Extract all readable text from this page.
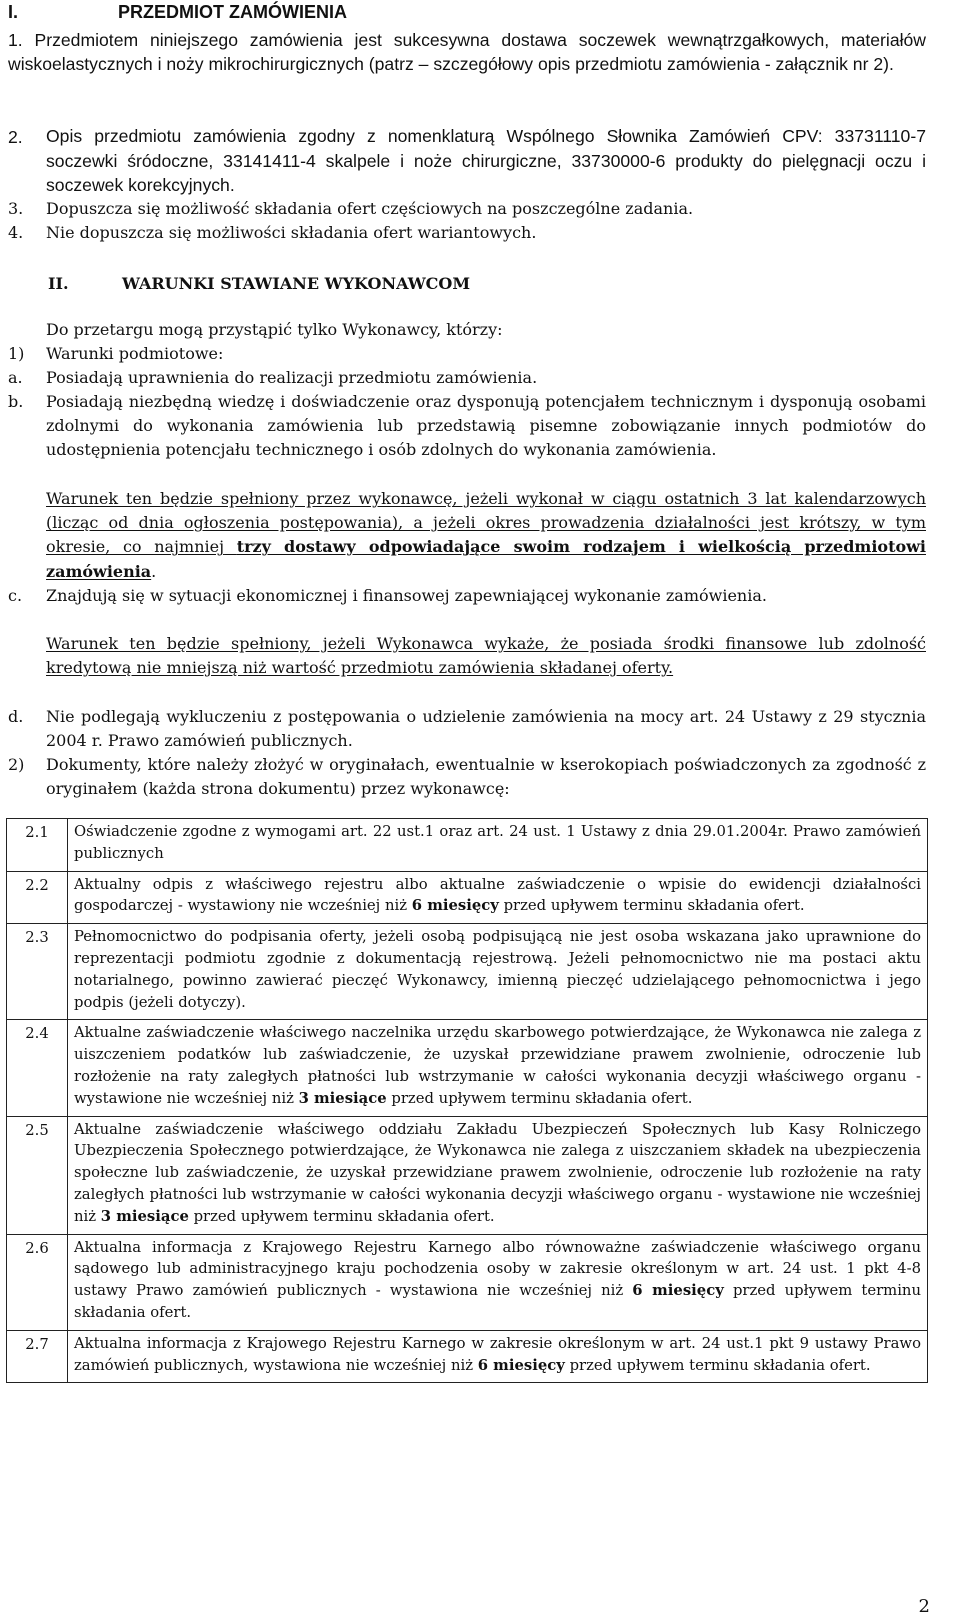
I.	PRZEDMIOT ZAMÓWIENIA
1. Przedmiotem niniejszego zamówienia jest sukcesywna dostawa soczewek wewnątrzgałkowych, materiałów wiskoelastycznych i noży mikrochirurgicznych (patrz – szczegółowy opis przedmiotu zamówienia - załącznik nr 2).
2. Opis przedmiotu zamówienia zgodny z nomenklaturą Wspólnego Słownika Zamówień CPV: 33731110-7 soczewki śródoczne, 33141411-4 skalpele i noże chirurgiczne, 33730000-6 produkty do pielęgnacji oczu i soczewek korekcyjnych.
3. Dopuszcza się możliwość składania ofert częściowych na poszczególne zadania.
4. Nie dopuszcza się możliwości składania ofert wariantowych.
II.	WARUNKI STAWIANE WYKONAWCOM
Do przetargu mogą przystąpić tylko Wykonawcy, którzy:
1) Warunki podmiotowe:
a. Posiadają uprawnienia do realizacji przedmiotu zamówienia.
b. Posiadają niezbędną wiedzę i doświadczenie oraz dysponują potencjałem technicznym i dysponują osobami zdolnymi do wykonania zamówienia lub przedstawią pisemne zobowiązanie innych podmiotów do udostępnienia potencjału technicznego i osób zdolnych do wykonania zamówienia.
Warunek ten będzie spełniony przez wykonawcę, jeżeli wykonał w ciągu ostatnich 3 lat kalendarzowych (licząc od dnia ogłoszenia postępowania), a jeżeli okres prowadzenia działalności jest krótszy, w tym okresie, co najmniej trzy dostawy odpowiadające swoim rodzajem i wielkością przedmiotowi zamówienia.
c. Znajdują się w sytuacji ekonomicznej i finansowej zapewniającej wykonanie zamówienia.
Warunek ten będzie spełniony, jeżeli Wykonawca wykaże, że posiada środki finansowe lub zdolność kredytową nie mniejszą niż wartość przedmiotu zamówienia składanej oferty.
d. Nie podlegają wykluczeniu z postępowania o udzielenie zamówienia na mocy art. 24 Ustawy z 29 stycznia 2004 r. Prawo zamówień publicznych.
2) Dokumenty, które należy złożyć w oryginałach, ewentualnie w kserokopiach poświadczonych za zgodność z oryginałem (każda strona dokumentu) przez wykonawcę:
2.1	Oświadczenie zgodne z wymogami art. 22 ust.1 oraz art. 24 ust. 1 Ustawy z dnia 29.01.2004r. Prawo zamówień publicznych
2.2	Aktualny odpis z właściwego rejestru albo aktualne zaświadczenie o wpisie do ewidencji działalności gospodarczej - wystawiony nie wcześniej niż 6 miesięcy przed upływem terminu składania ofert.
2.3	Pełnomocnictwo do podpisania oferty, jeżeli osobą podpisującą nie jest osoba wskazana jako uprawnione do reprezentacji podmiotu zgodnie z dokumentacją rejestrową. Jeżeli pełnomocnictwo nie ma postaci aktu notarialnego, powinno zawierać pieczęć Wykonawcy, imienną pieczęć udzielającego pełnomocnictwa i jego podpis (jeżeli dotyczy).
2.4	Aktualne zaświadczenie właściwego naczelnika urzędu skarbowego potwierdzające, że Wykonawca nie zalega z uiszczeniem podatków lub zaświadczenie, że uzyskał przewidziane prawem zwolnienie, odroczenie lub rozłożenie na raty zaległych płatności lub wstrzymanie w całości wykonania decyzji właściwego organu - wystawione nie wcześniej niż 3 miesiące przed upływem terminu składania ofert.
2.5	Aktualne zaświadczenie właściwego oddziału Zakładu Ubezpieczeń Społecznych lub Kasy Rolniczego Ubezpieczenia Społecznego potwierdzające, że Wykonawca nie zalega z uiszczaniem składek na ubezpieczenia społeczne lub zaświadczenie, że uzyskał przewidziane prawem zwolnienie, odroczenie lub rozłożenie na raty zaległych płatności lub wstrzymanie w całości wykonania decyzji właściwego organu - wystawione nie wcześniej niż 3 miesiące przed upływem terminu składania ofert.
2.6	Aktualna informacja z Krajowego Rejestru Karnego albo równoważne zaświadczenie właściwego organu sądowego lub administracyjnego kraju pochodzenia osoby w zakresie określonym w art. 24 ust. 1 pkt 4-8 ustawy Prawo zamówień publicznych - wystawiona nie wcześniej niż 6 miesięcy przed upływem terminu składania ofert.
2.7	Aktualna informacja z Krajowego Rejestru Karnego w zakresie określonym w art. 24 ust.1 pkt 9 ustawy Prawo zamówień publicznych, wystawiona nie wcześniej niż 6 miesięcy przed upływem terminu składania ofert.
2
